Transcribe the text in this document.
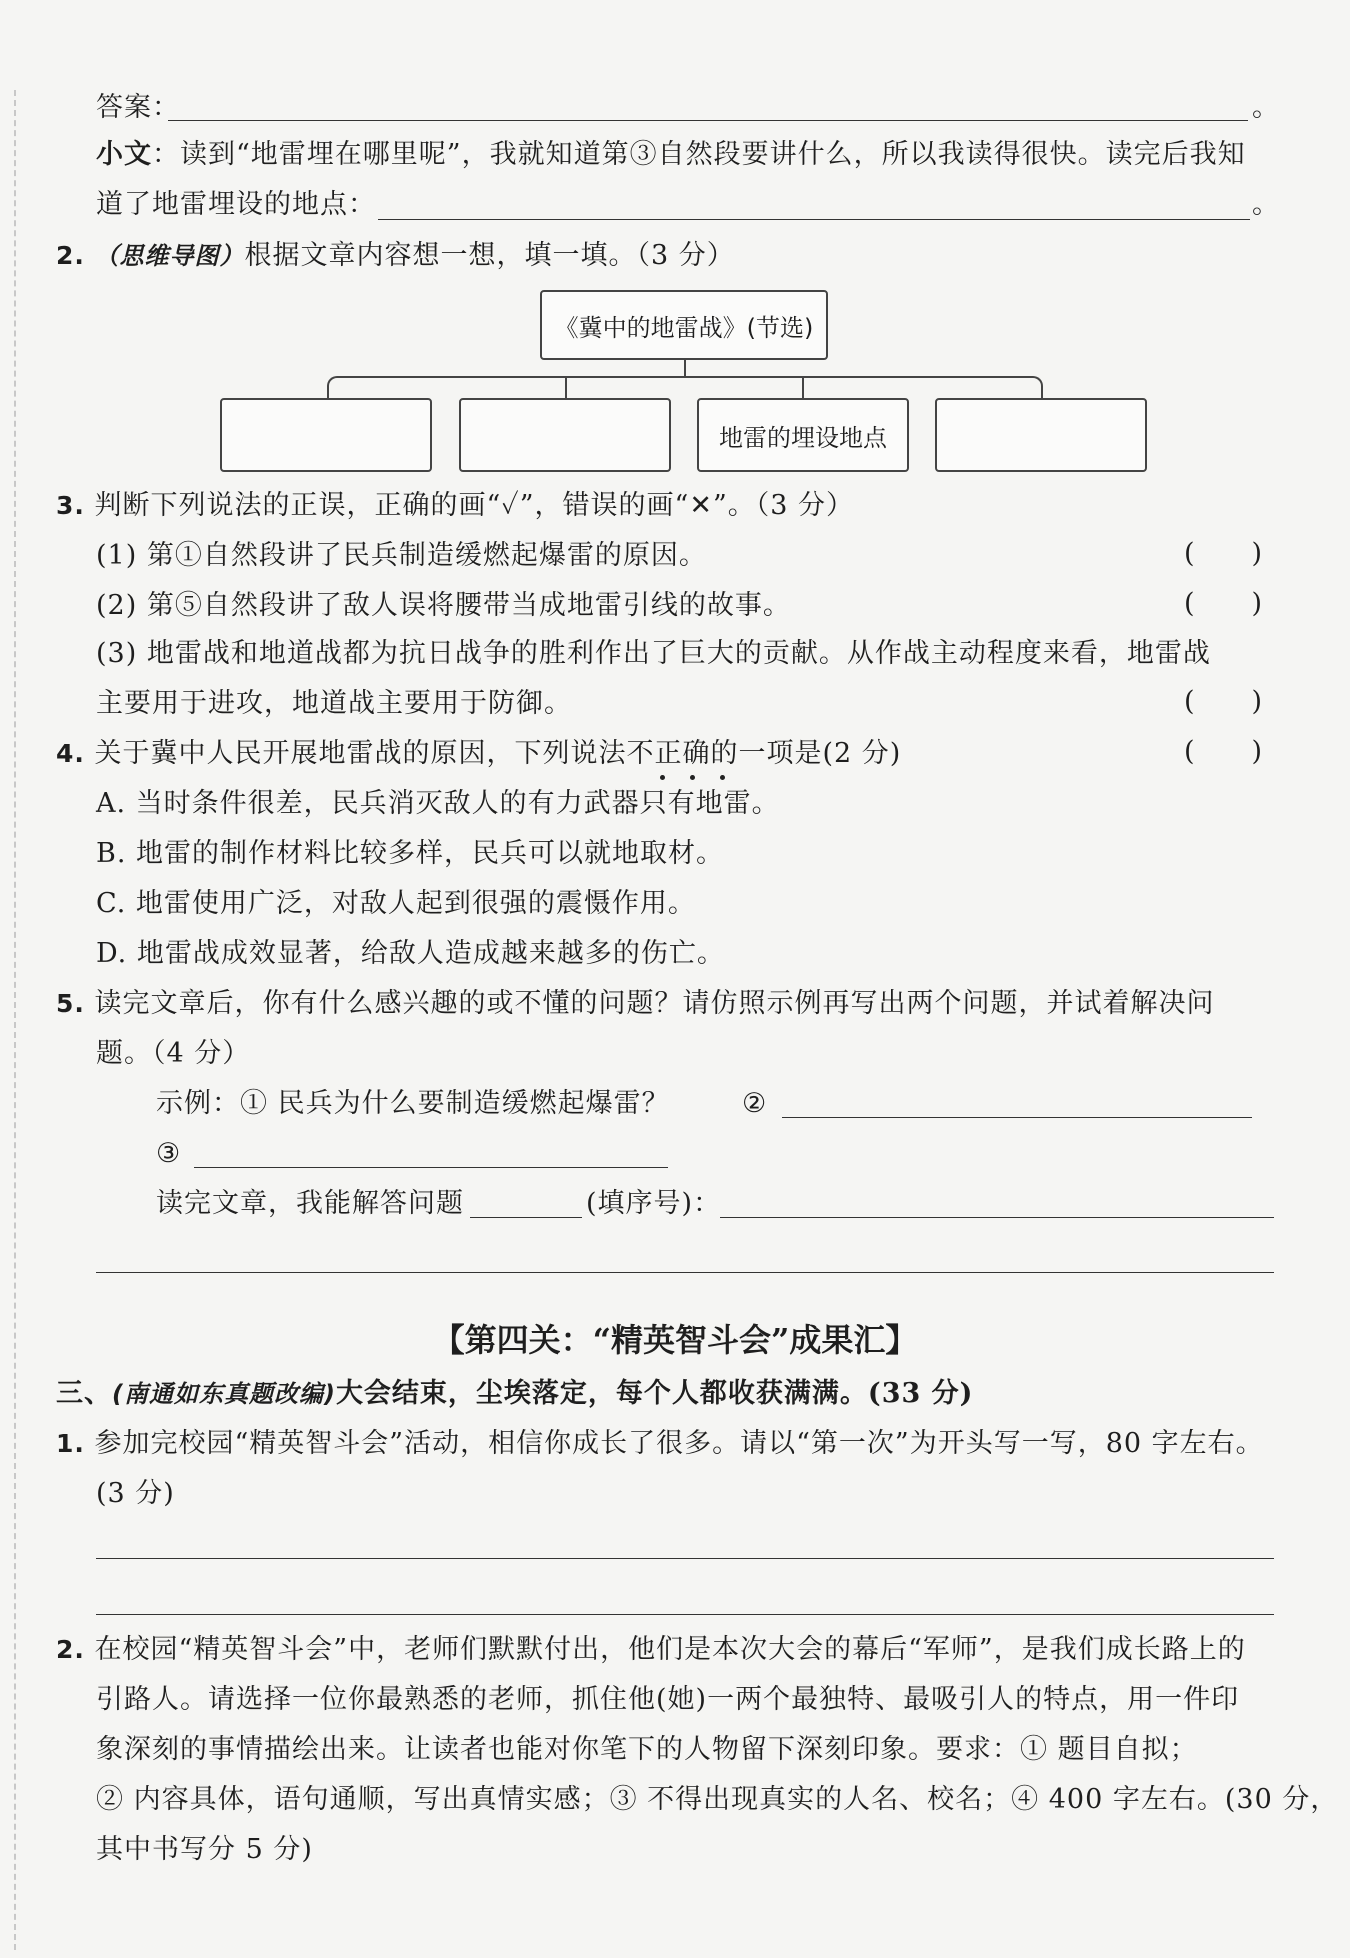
答案：	。
小文：读到“地雷埋在哪里呢”，我就知道第③自然段要讲什么，所以我读得很快。读完后我知
道了地雷埋设的地点：	。
2. （思维导图）根据文章内容想一想，填一填。（3 分）
《冀中的地雷战》(节选)
地雷的埋设地点
3. 判断下列说法的正误，正确的画“✓”，错误的画“✕”。（3 分）
(1) 第①自然段讲了民兵制造缓燃起爆雷的原因。	(　　)
(2) 第⑤自然段讲了敌人误将腰带当成地雷引线的故事。	(　　)
(3) 地雷战和地道战都为抗日战争的胜利作出了巨大的贡献。从作战主动程度来看，地雷战
主要用于进攻，地道战主要用于防御。	(　　)
4. 关于冀中人民开展地雷战的原因，下列说法不正确的一项是(2 分)	(　　)
A. 当时条件很差，民兵消灭敌人的有力武器只有地雷。
B. 地雷的制作材料比较多样，民兵可以就地取材。
C. 地雷使用广泛，对敌人起到很强的震慑作用。
D. 地雷战成效显著，给敌人造成越来越多的伤亡。
5. 读完文章后，你有什么感兴趣的或不懂的问题？请仿照示例再写出两个问题，并试着解决问
题。（4 分）
示例：① 民兵为什么要制造缓燃起爆雷？	②
③
读完文章，我能解答问题	(填序号)：
【第四关：“精英智斗会”成果汇】
三、(南通如东真题改编)大会结束，尘埃落定，每个人都收获满满。(33 分)
1. 参加完校园“精英智斗会”活动，相信你成长了很多。请以“第一次”为开头写一写，80 字左右。
(3 分)
2. 在校园“精英智斗会”中，老师们默默付出，他们是本次大会的幕后“军师”，是我们成长路上的
引路人。请选择一位你最熟悉的老师，抓住他(她)一两个最独特、最吸引人的特点，用一件印
象深刻的事情描绘出来。让读者也能对你笔下的人物留下深刻印象。要求：① 题目自拟；
② 内容具体，语句通顺，写出真情实感；③ 不得出现真实的人名、校名；④ 400 字左右。(30 分，
其中书写分 5 分)
